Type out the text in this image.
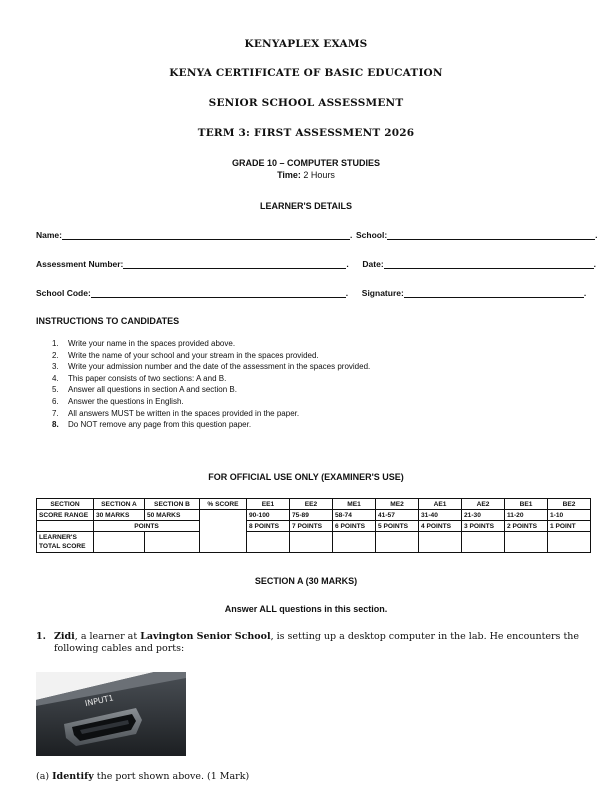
KENYAPLEX EXAMS
KENYA CERTIFICATE OF BASIC EDUCATION
SENIOR SCHOOL ASSESSMENT
TERM 3: FIRST ASSESSMENT 2026
GRADE 10 – COMPUTER STUDIES
Time: 2 Hours
LEARNER'S DETAILS
Name:	. School:	.
Assessment Number:	.	Date:	.
School Code:	.	Signature:	.
INSTRUCTIONS TO CANDIDATES
1.	Write your name in the spaces provided above.
2.	Write the name of your school and your stream in the spaces provided.
3.	Write your admission number and the date of the assessment in the spaces provided.
4.	This paper consists of two sections: A and B.
5.	Answer all questions in section A and section B.
6.	Answer the questions in English.
7.	All answers MUST be written in the spaces provided in the paper.
8.	Do NOT remove any page from this question paper.
FOR OFFICIAL USE ONLY (EXAMINER'S USE)
SECTION	SECTION A	SECTION B	% SCORE	EE1	EE2	ME1	ME2	AE1	AE2	BE1	BE2
SCORE RANGE	30 MARKS	50 MARKS		90-100	75-89	58-74	41-57	31-40	21-30	11-20	1-10
	POINTS			8 POINTS	7 POINTS	6 POINTS	5 POINTS	4 POINTS	3 POINTS	2 POINTS	1 POINT
LEARNER'S TOTAL SCORE											
SECTION A (30 MARKS)
Answer ALL questions in this section.
1. Zidi, a learner at Lavington Senior School, is setting up a desktop computer in the lab. He encounters the following cables and ports:
INPUT1
(a) Identify the port shown above. (1 Mark)
